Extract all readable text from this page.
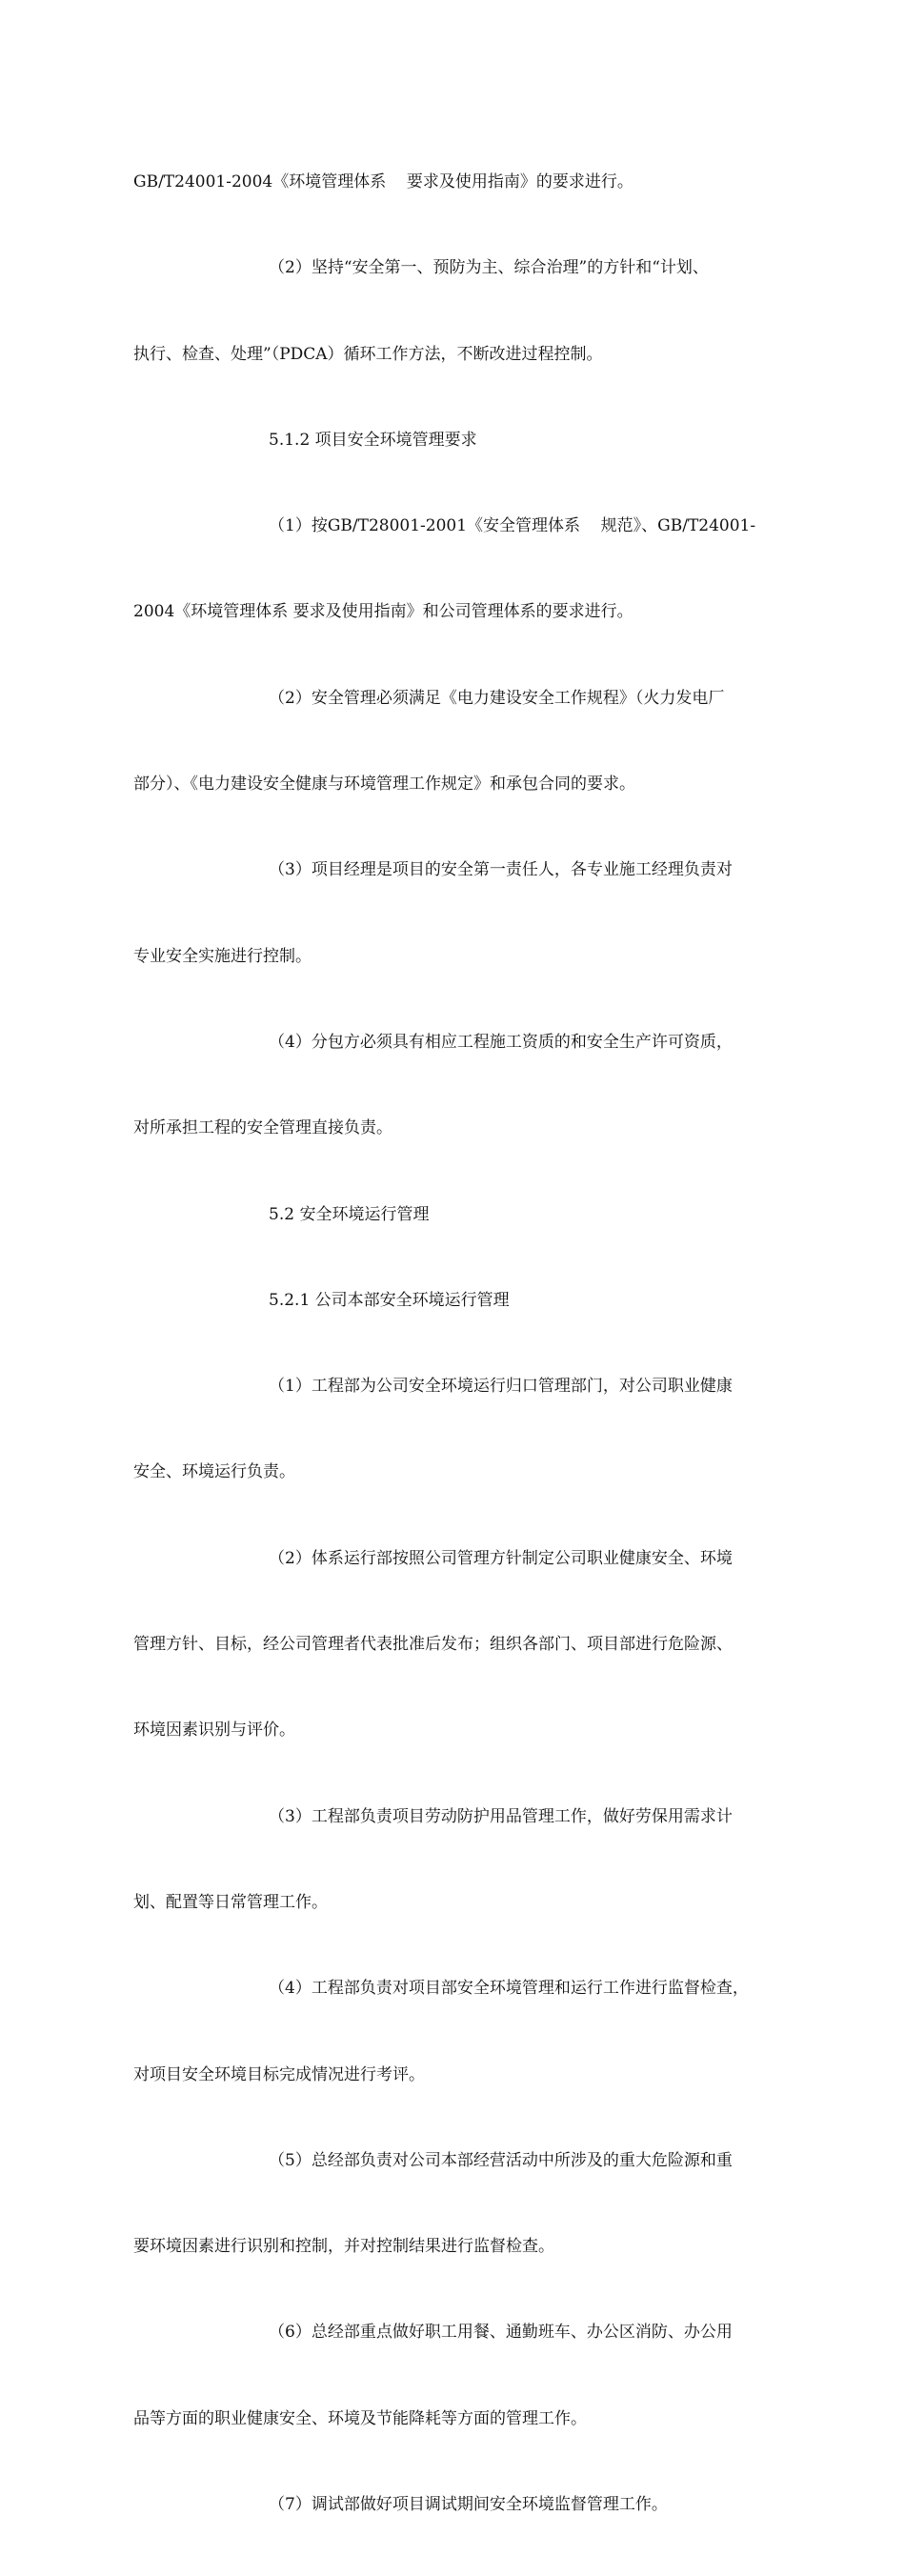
GB/T24001-2004《环境管理体系    要求及使用指南》的要求进行。

（2）坚持“安全第一、预防为主、综合治理”的方针和“计划、

执行、检查、处理”（PDCA）循环工作方法，不断改进过程控制。

5.1.2 项目安全环境管理要求

（1）按GB/T28001-2001《安全管理体系    规范》、GB/T24001-

2004《环境管理体系 要求及使用指南》和公司管理体系的要求进行。

（2）安全管理必须满足《电力建设安全工作规程》（火力发电厂

部分）、《电力建设安全健康与环境管理工作规定》和承包合同的要求。

（3）项目经理是项目的安全第一责任人，各专业施工经理负责对

专业安全实施进行控制。

（4）分包方必须具有相应工程施工资质的和安全生产许可资质，

对所承担工程的安全管理直接负责。

5.2 安全环境运行管理

5.2.1 公司本部安全环境运行管理

（1）工程部为公司安全环境运行归口管理部门，对公司职业健康

安全、环境运行负责。

（2）体系运行部按照公司管理方针制定公司职业健康安全、环境

管理方针、目标，经公司管理者代表批准后发布；组织各部门、项目部进行危险源、

环境因素识别与评价。

（3）工程部负责项目劳动防护用品管理工作，做好劳保用需求计

划、配置等日常管理工作。

（4）工程部负责对项目部安全环境管理和运行工作进行监督检查，

对项目安全环境目标完成情况进行考评。

（5）总经部负责对公司本部经营活动中所涉及的重大危险源和重

要环境因素进行识别和控制，并对控制结果进行监督检查。

（6）总经部重点做好职工用餐、通勤班车、办公区消防、办公用

品等方面的职业健康安全、环境及节能降耗等方面的管理工作。

（7）调试部做好项目调试期间安全环境监督管理工作。
